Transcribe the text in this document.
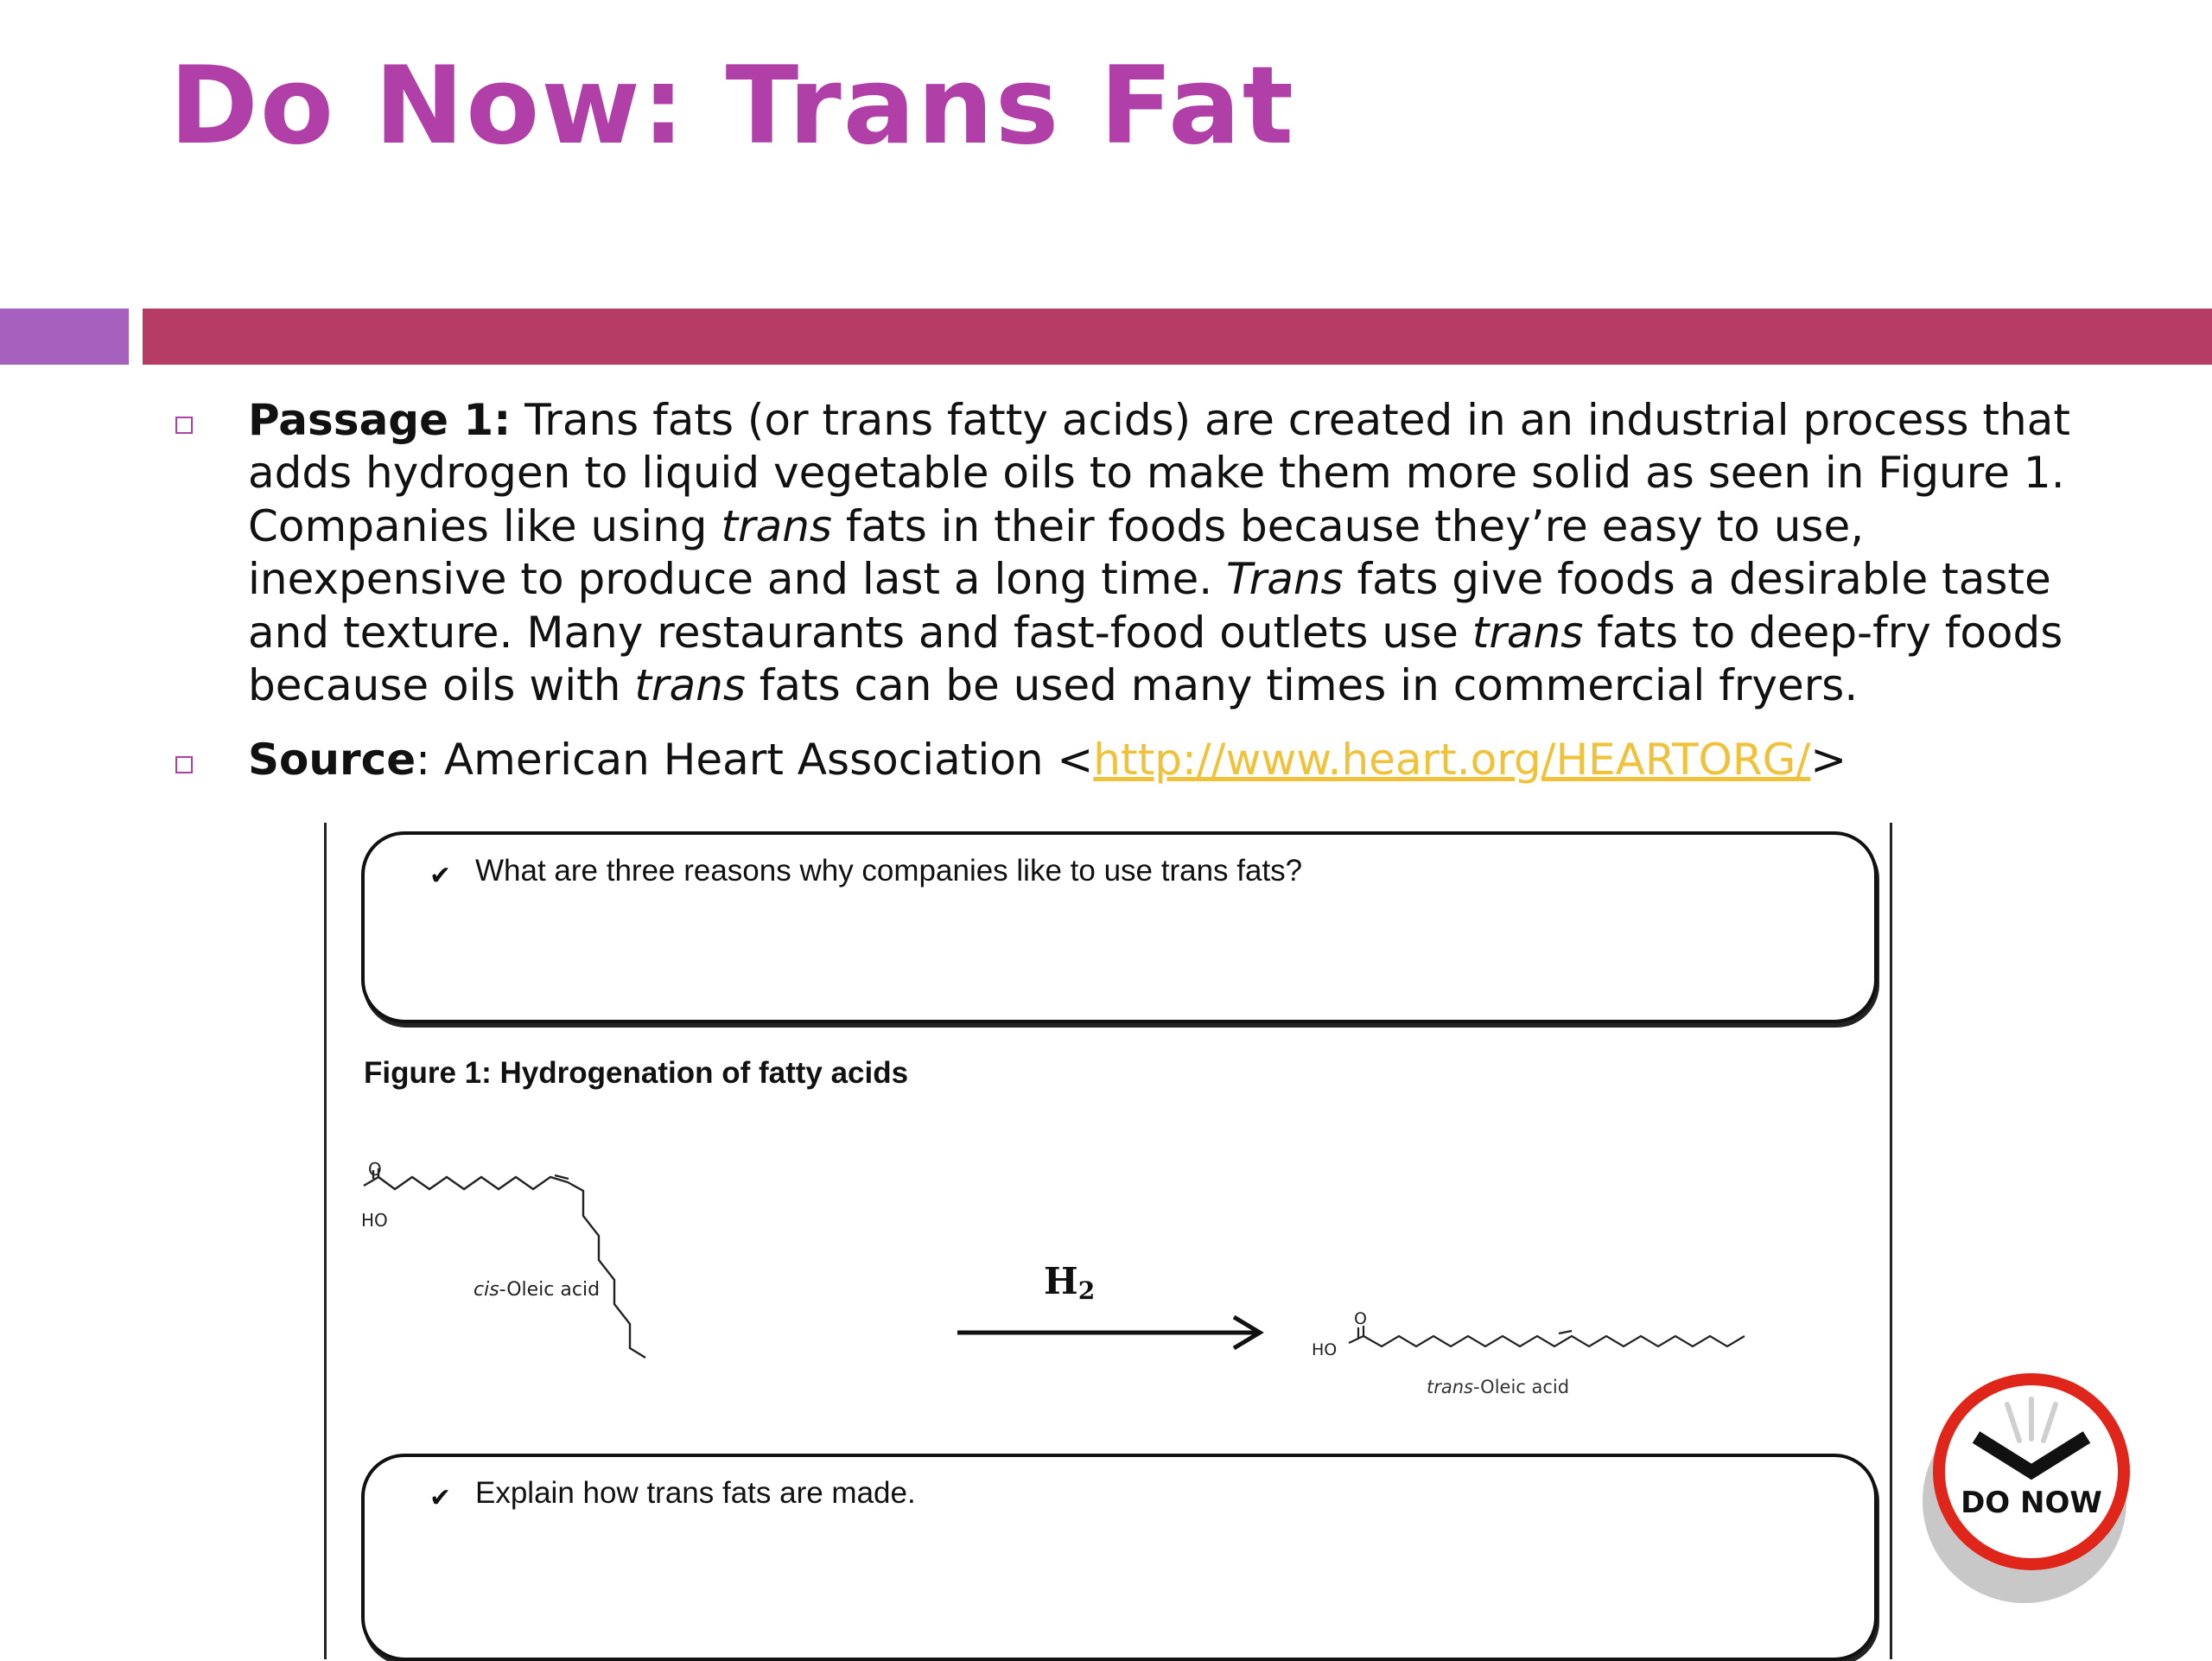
Do Now: Trans Fat

Passage 1: Trans fats (or trans fatty acids) are created in an industrial process that adds hydrogen to liquid vegetable oils to make them more solid as seen in Figure 1. Companies like using trans fats in their foods because they’re easy to use, inexpensive to produce and last a long time. Trans fats give foods a desirable taste and texture. Many restaurants and fast-food outlets use trans fats to deep-fry foods because oils with trans fats can be used many times in commercial fryers.

Source: American Heart Association <http://www.heart.org/HEARTORG/>

✔ What are three reasons why companies like to use trans fats?
Figure 1: Hydrogenation of fatty acids
O
HO
cis-Oleic acid	H2
O
HO
trans-Oleic acid
✔ Explain how trans fats are made.	DO NOW
